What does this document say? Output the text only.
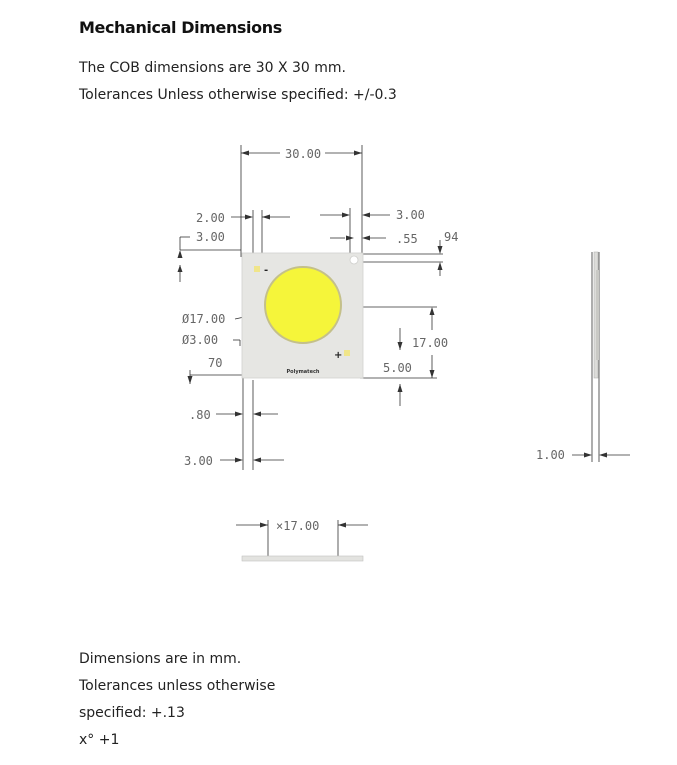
Mechanical Dimensions
The COB dimensions are 30 X 30 mm.
Tolerances Unless otherwise specified: +/-0.3
-
+
Polymatech
30.00
2.00
3.00
3.00
.55 94
Ø17.00
Ø3.00
70
.80
3.00
17.00
5.00
1.00
×17.00
Dimensions are in mm.
Tolerances unless otherwise
specified: +.13
x° +1
